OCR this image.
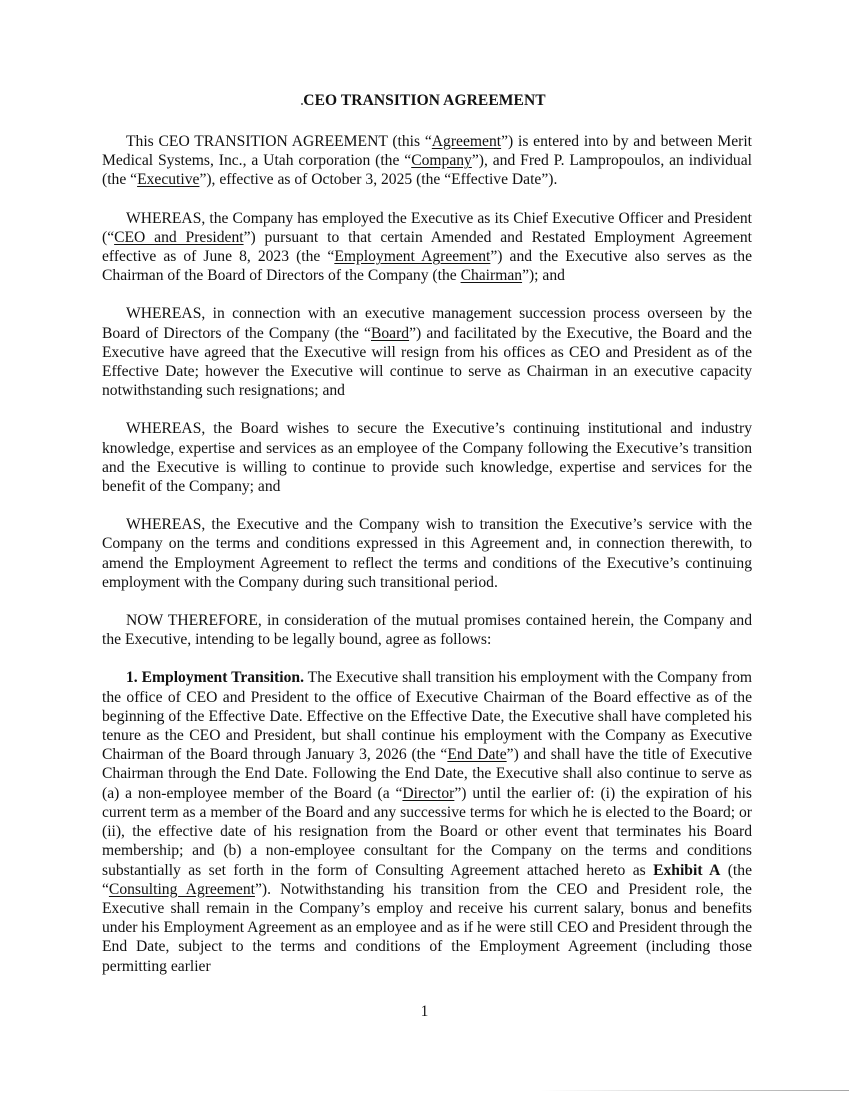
CEO TRANSITION AGREEMENT

This CEO TRANSITION AGREEMENT (this “Agreement”) is entered into by and between Merit Medical Systems, Inc., a Utah corporation (the “Company”), and Fred P. Lampropoulos, an individual (the “Executive”), effective as of October 3, 2025 (the “Effective Date”).

WHEREAS, the Company has employed the Executive as its Chief Executive Officer and President (“CEO and President”) pursuant to that certain Amended and Restated Employment Agreement effective as of June 8, 2023 (the “Employment Agreement”) and the Executive also serves as the Chairman of the Board of Directors of the Company (the Chairman”); and

WHEREAS, in connection with an executive management succession process overseen by the Board of Directors of the Company (the “Board”) and facilitated by the Executive, the Board and the Executive have agreed that the Executive will resign from his offices as CEO and President as of the Effective Date; however the Executive will continue to serve as Chairman in an executive capacity notwithstanding such resignations; and

WHEREAS, the Board wishes to secure the Executive’s continuing institutional and industry knowledge, expertise and services as an employee of the Company following the Executive’s transition and the Executive is willing to continue to provide such knowledge, expertise and services for the benefit of the Company; and

WHEREAS, the Executive and the Company wish to transition the Executive’s service with the Company on the terms and conditions expressed in this Agreement and, in connection therewith, to amend the Employment Agreement to reflect the terms and conditions of the Executive’s continuing employment with the Company during such transitional period.

NOW THEREFORE, in consideration of the mutual promises contained herein, the Company and the Executive, intending to be legally bound, agree as follows:

1. Employment Transition. The Executive shall transition his employment with the Company from the office of CEO and President to the office of Executive Chairman of the Board effective as of the beginning of the Effective Date. Effective on the Effective Date, the Executive shall have completed his tenure as the CEO and President, but shall continue his employment with the Company as Executive Chairman of the Board through January 3, 2026 (the “End Date”) and shall have the title of Executive Chairman through the End Date. Following the End Date, the Executive shall also continue to serve as (a) a non-employee member of the Board (a “Director”) until the earlier of: (i) the expiration of his current term as a member of the Board and any successive terms for which he is elected to the Board; or (ii), the effective date of his resignation from the Board or other event that terminates his Board membership; and (b) a non-employee consultant for the Company on the terms and conditions substantially as set forth in the form of Consulting Agreement attached hereto as Exhibit A (the “Consulting Agreement”). Notwithstanding his transition from the CEO and President role, the Executive shall remain in the Company’s employ and receive his current salary, bonus and benefits under his Employment Agreement as an employee and as if he were still CEO and President through the End Date, subject to the terms and conditions of the Employment Agreement (including those permitting earlier

1
